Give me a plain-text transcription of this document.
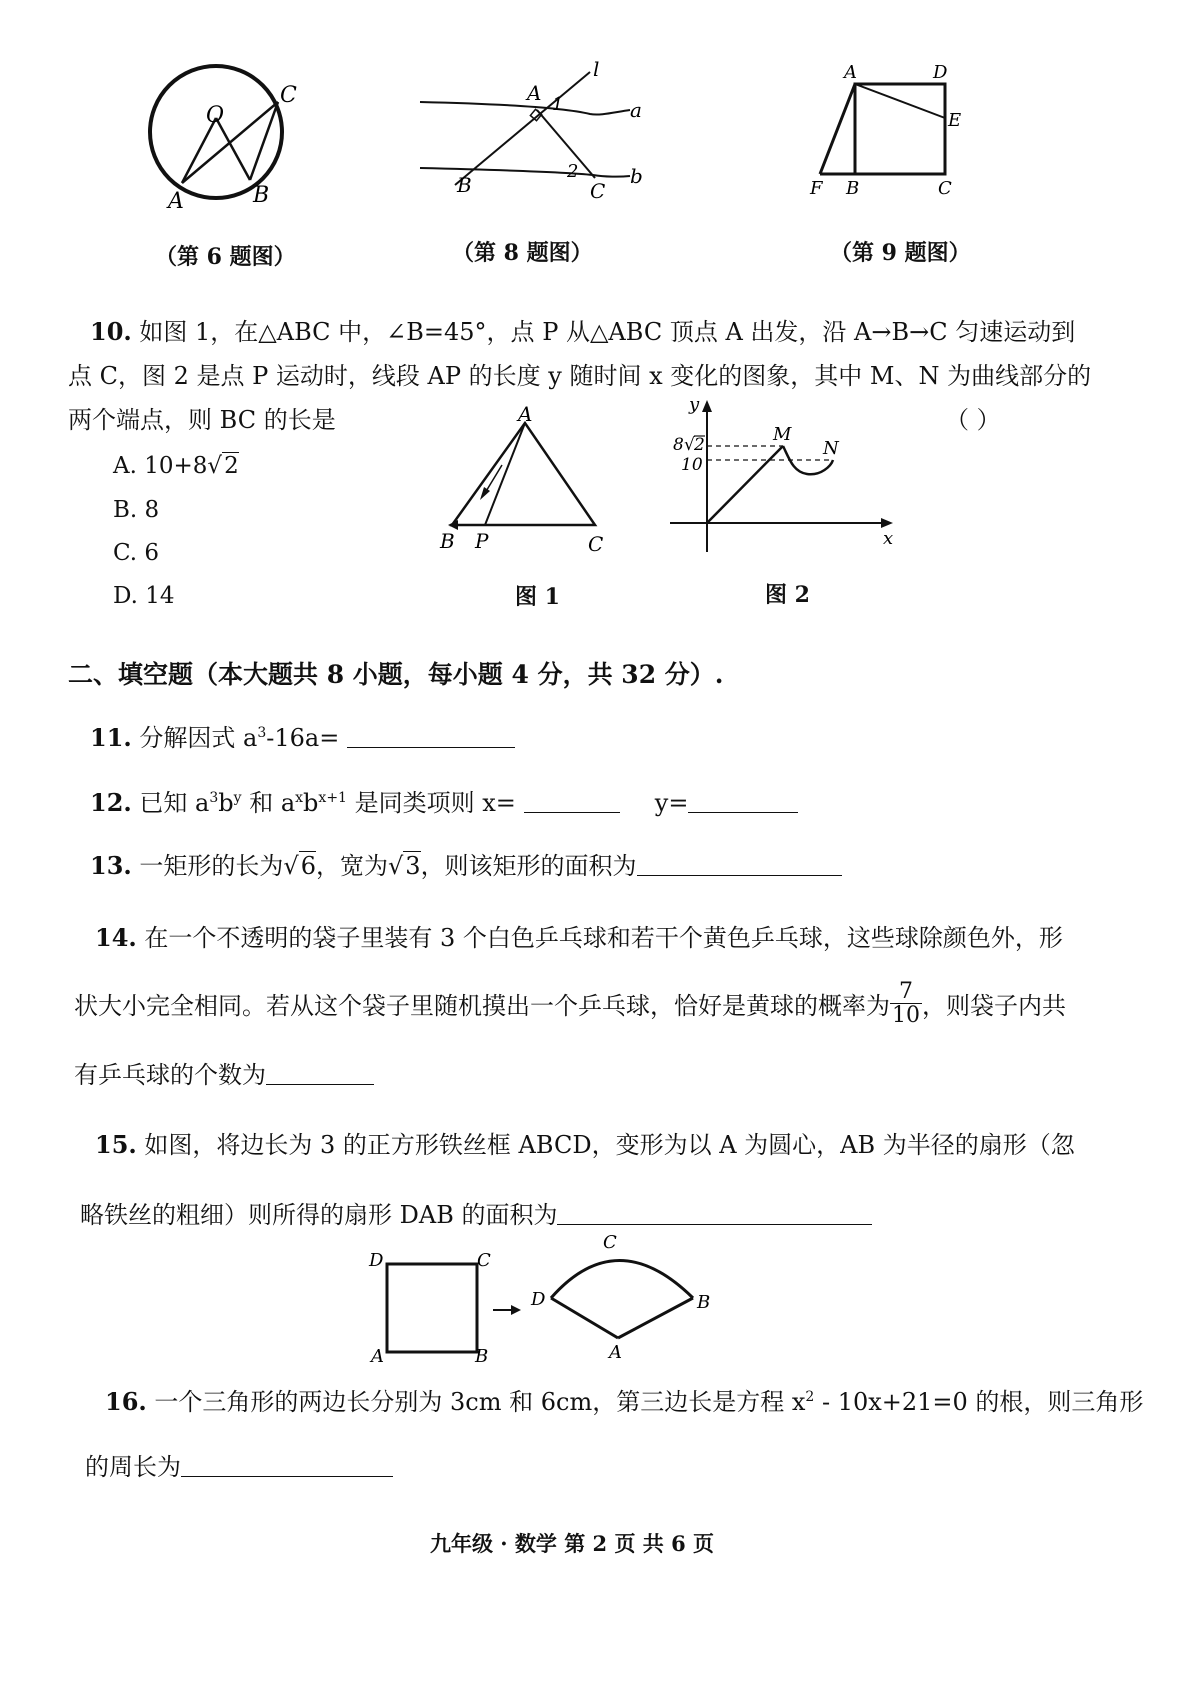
O
C
A	B
（第 6 题图）
l
A 1	a
2
B	C
b
（第 8 题图）
A	D
E
F B	C
（第 9 题图）
10. 如图 1，在△ABC 中，∠B=45°，点 P 从△ABC 顶点 A 出发，沿 A→B→C 匀速运动到
点 C，图 2 是点 P 运动时，线段 AP 的长度 y 随时间 x 变化的图象，其中 M、N 为曲线部分的
两个端点，则 BC 的长是	（ ）
A. 10+8√2
B. 8
C. 6
D. 14
A
B P	C
图 1
y
x
M
N
8 √ 2
10
图 2
二、填空题（本大题共 8 小题，每小题 4 分，共 32 分）.
11. 分解因式 $a^3-16a=$
12. 已知 $a^3b^y$ 和 $a^xb^{x+1}$ 是同类项则 x=	y=
13. 一矩形的长为√6，宽为√3，则该矩形的面积为
14. 在一个不透明的袋子里装有 3 个白色乒乓球和若干个黄色乒乓球，这些球除颜色外，形
状大小完全相同。若从这个袋子里随机摸出一个乒乓球，恰好是黄球的概率为 $\frac{7}{10}$ ，则袋子内共
有乒乓球的个数为
15. 如图，将边长为 3 的正方形铁丝框 ABCD，变形为以 A 为圆心，AB 为半径的扇形（忽
略铁丝的粗细）则所得的扇形 DAB 的面积为
D	C
A	B
C
D	B
A
16. 一个三角形的两边长分别为 3cm 和 6cm，第三边长是方程 $x^2 - 10x+21=0$ 的根，则三角形
的周长为
九年级 · 数学 第 2 页 共 6 页
